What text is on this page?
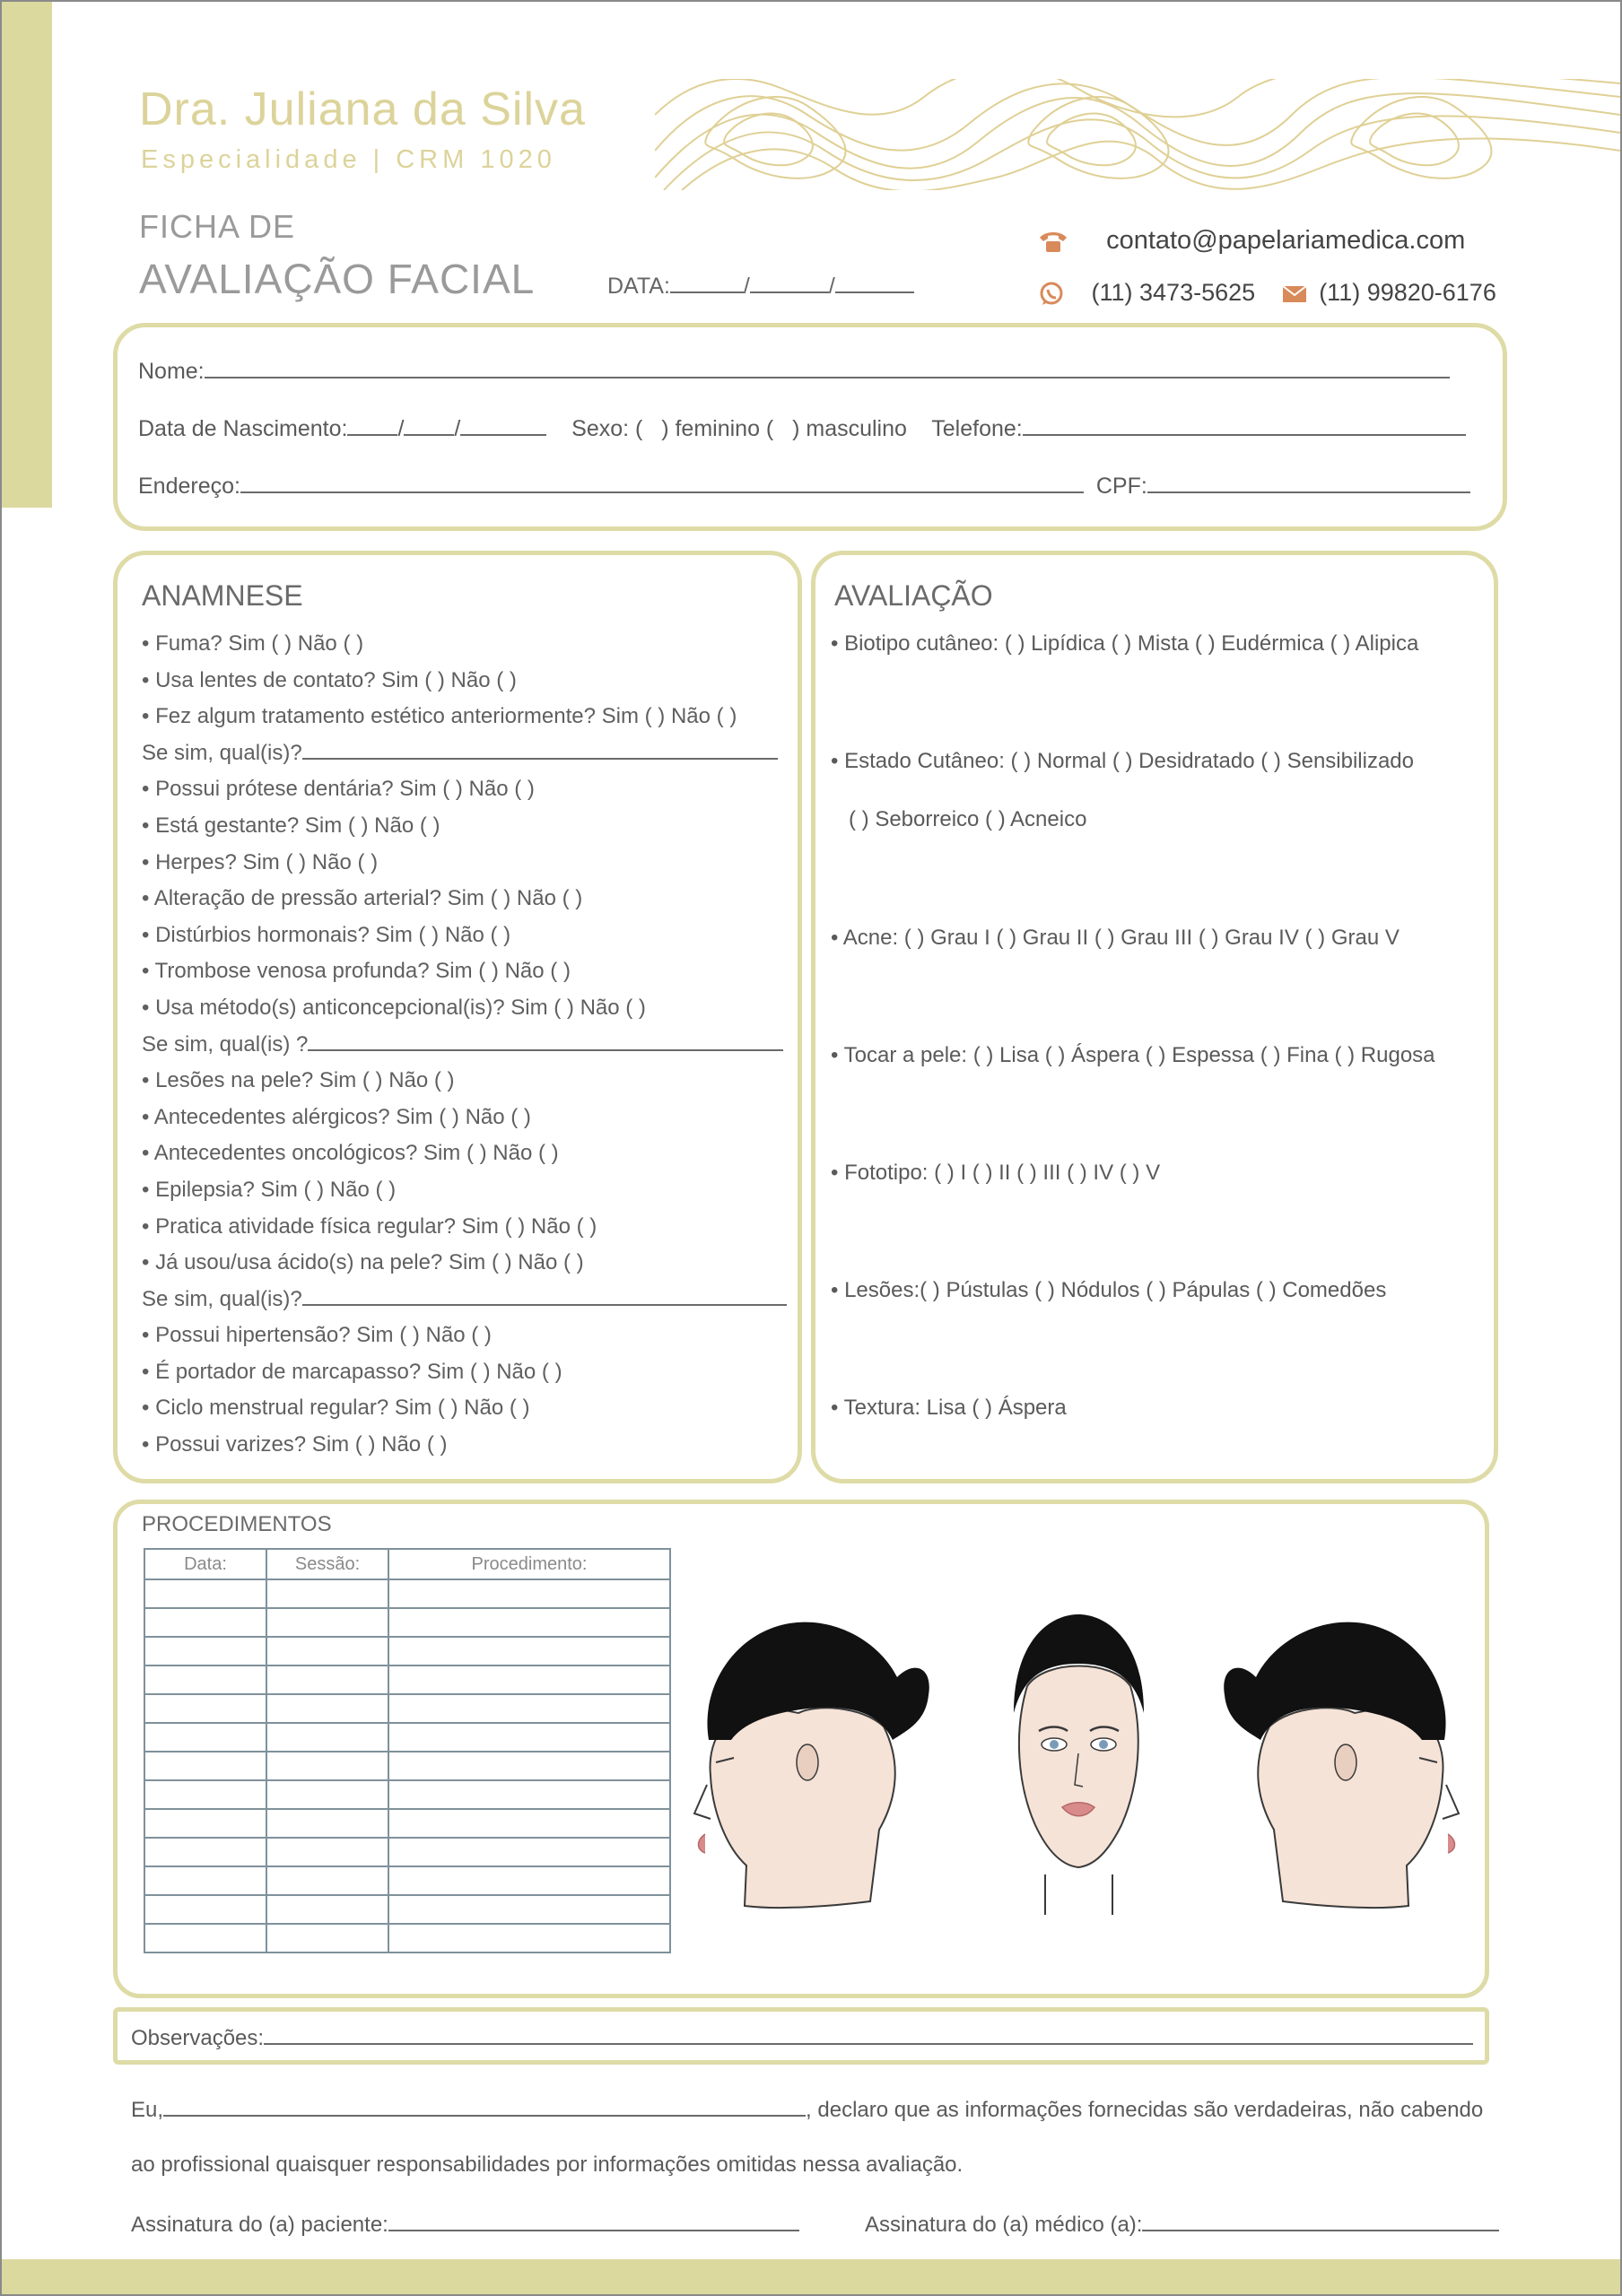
Dra. Juliana da Silva
Especialidade | CRM 1020
FICHA DE
AVALIAÇÃO FACIAL	DATA:	/	/
contato@papelariamedica.com
(11) 3473-5625	(11) 99820-6176
Nome:
Data de Nascimento: / /	Sexo: ( ) feminino ( ) masculino Telefone:
Endereço:	CPF:
ANAMNESE
• Fuma? Sim ( ) Não ( )
• Usa lentes de contato? Sim ( ) Não ( )
• Fez algum tratamento estético anteriormente? Sim ( ) Não ( )
Se sim, qual(is)?
• Possui prótese dentária? Sim ( ) Não ( )
• Está gestante? Sim ( ) Não ( )
• Herpes? Sim ( ) Não ( )
• Alteração de pressão arterial? Sim ( ) Não ( )
• Distúrbios hormonais? Sim ( ) Não ( )
• Trombose venosa profunda? Sim ( ) Não ( )
• Usa método(s) anticoncepcional(is)? Sim ( ) Não ( )
Se sim, qual(is) ?
• Lesões na pele? Sim ( ) Não ( )
• Antecedentes alérgicos? Sim ( ) Não ( )
• Antecedentes oncológicos? Sim ( ) Não ( )
• Epilepsia? Sim ( ) Não ( )
• Pratica atividade física regular? Sim ( ) Não ( )
• Já usou/usa ácido(s) na pele? Sim ( ) Não ( )
Se sim, qual(is)?
• Possui hipertensão? Sim ( ) Não ( )
• É portador de marcapasso? Sim ( ) Não ( )
• Ciclo menstrual regular? Sim ( ) Não ( )
• Possui varizes? Sim ( ) Não ( )
AVALIAÇÃO
• Biotipo cutâneo: ( ) Lipídica ( ) Mista ( ) Eudérmica ( ) Alipica
• Estado Cutâneo: ( ) Normal ( ) Desidratado ( ) Sensibilizado
( ) Seborreico ( ) Acneico
• Acne: ( ) Grau I ( ) Grau II ( ) Grau III ( ) Grau IV ( ) Grau V
• Tocar a pele: ( ) Lisa ( ) Áspera ( ) Espessa ( ) Fina ( ) Rugosa
• Fototipo: ( ) I ( ) II ( ) III ( ) IV ( ) V
• Lesões:( ) Pústulas ( ) Nódulos ( ) Pápulas ( ) Comedões
• Textura: Lisa ( ) Áspera
PROCEDIMENTOS
Data:	Sessão:	Procedimento:

Observações:
Eu,	, declaro que as informações fornecidas são verdadeiras, não cabendo
ao profissional quaisquer responsabilidades por informações omitidas nessa avaliação.
Assinatura do (a) paciente:	Assinatura do (a) médico (a):
